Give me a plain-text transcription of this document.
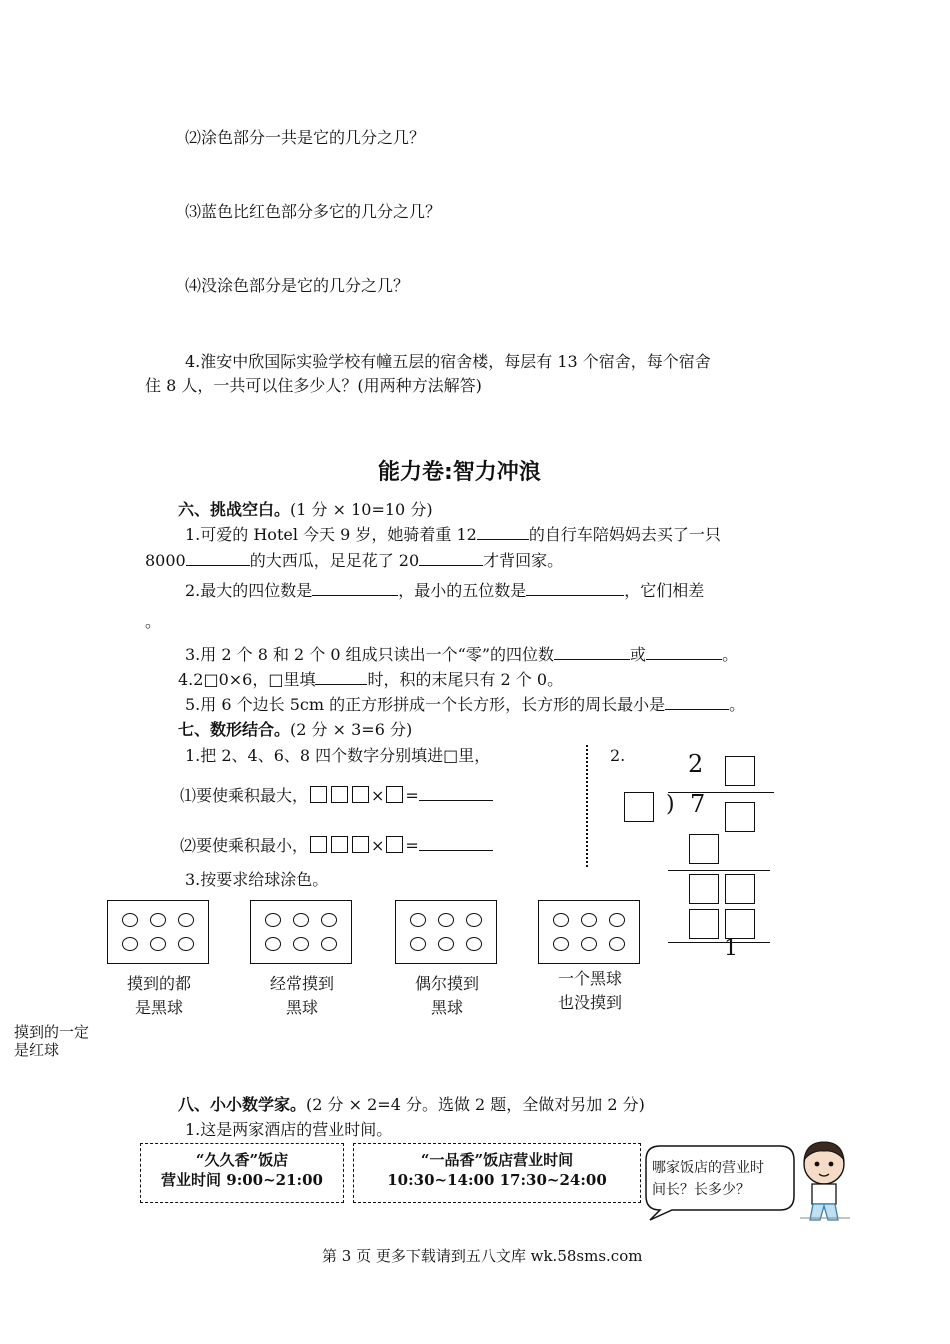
⑵涂色部分一共是它的几分之几？
⑶蓝色比红色部分多它的几分之几？
⑷没涂色部分是它的几分之几？
4.淮安中欣国际实验学校有幢五层的宿舍楼，每层有 13 个宿舍，每个宿舍
住 8 人，一共可以住多少人？(用两种方法解答)
能力卷:智力冲浪
六、挑战空白。(1 分 × 10=10 分)
1.可爱的 Hotel 今天 9 岁，她骑着重 12	的自行车陪妈妈去买了一只
8000	的大西瓜，足足花了 20	才背回家。
2.最大的四位数是	，最小的五位数是	，它们相差
。
3.用 2 个 8 和 2 个 0 组成只读出一个“零”的四位数	或	。
4.2□0×6，□里填	时，积的末尾只有 2 个 0。
5.用 6 个边长 5cm 的正方形拼成一个长方形，长方形的周长最小是	。
七、数形结合。(2 分 × 3=6 分)
1.把 2、4、6、8 四个数字分别填进□里，
⑴要使乘积最大，	× =
⑵要使乘积最小，	× =
2.	2
) 7
1
3.按要求给球涂色。
摸到的都
是黑球
经常摸到
黑球
偶尔摸到
黑球
一个黑球
也没摸到
摸到的一定
是红球
八、小小数学家。(2 分 × 2=4 分。选做 2 题，全做对另加 2 分)
1.这是两家酒店的营业时间。
“久久香”饭店
营业时间 9:00~21:00
“一品香”饭店营业时间
10:30~14:00 17:30~24:00
哪家饭店的营业时
间长？长多少？
第 3 页 更多下载请到五八文库 wk.58sms.com
